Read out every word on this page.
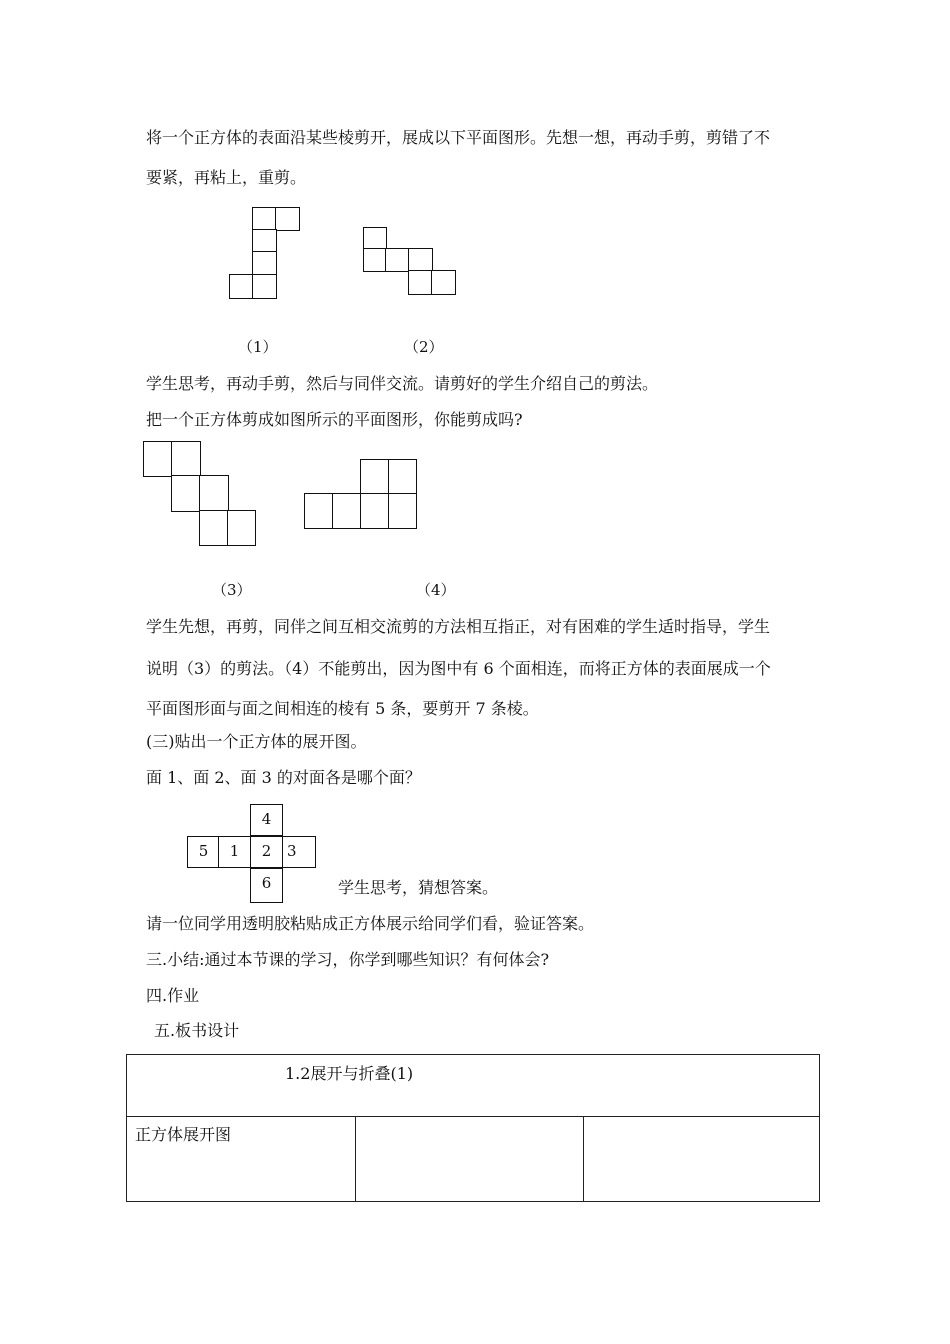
将一个正方体的表面沿某些棱剪开，展成以下平面图形。先想一想，再动手剪，剪错了不
要紧，再粘上，重剪。
（1）	（2）
学生思考，再动手剪，然后与同伴交流。请剪好的学生介绍自己的剪法。
把一个正方体剪成如图所示的平面图形，你能剪成吗?
（3）	（4）
学生先想，再剪，同伴之间互相交流剪的方法相互指正，对有困难的学生适时指导，学生
说明（3）的剪法。（4）不能剪出，因为图中有 6 个面相连，而将正方体的表面展成一个
平面图形面与面之间相连的棱有 5 条，要剪开 7 条棱。
(三)贴出一个正方体的展开图。
面 1、面 2、面 3 的对面各是哪个面？
4
5	1	2	3
6	学生思考，猜想答案。
请一位同学用透明胶粘贴成正方体展示给同学们看，验证答案。
三.小结:通过本节课的学习，你学到哪些知识？有何体会?
四.作业
五.板书设计
1.2展开与折叠(1)
正方体展开图
